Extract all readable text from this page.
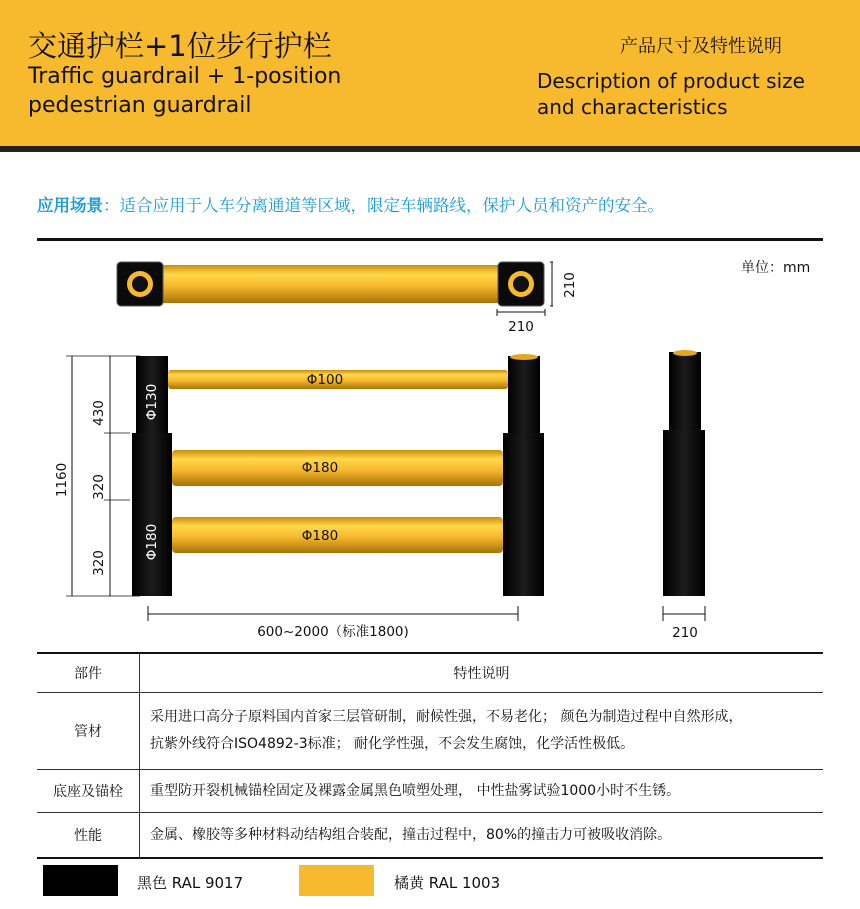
交通护栏+1位步行护栏
Traffic guardrail + 1-position
pedestrian guardrail
产品尺寸及特性说明
Description of product size
and characteristics
应用场景：适合应用于人车分离通道等区域，限定车辆路线，保护人员和资产的安全。
单位：mm
210
210
1160
430
320
320
Φ130
Φ180
Φ100
Φ180
Φ180
600~2000（标准1800)	210
部件	特性说明
管材	采用进口高分子原料国内首家三层管研制，耐候性强，不易老化； 颜色为制造过程中自然形成，
抗紫外线符合ISO4892-3标准； 耐化学性强，不会发生腐蚀，化学活性极低。

底座及锚栓	重型防开裂机械锚栓固定及裸露金属黑色喷塑处理， 中性盐雾试验1000小时不生锈。
性能	金属、橡胶等多种材料动结构组合装配，撞击过程中，80%的撞击力可被吸收消除。
黑色 RAL 9017	橘黄 RAL 1003
